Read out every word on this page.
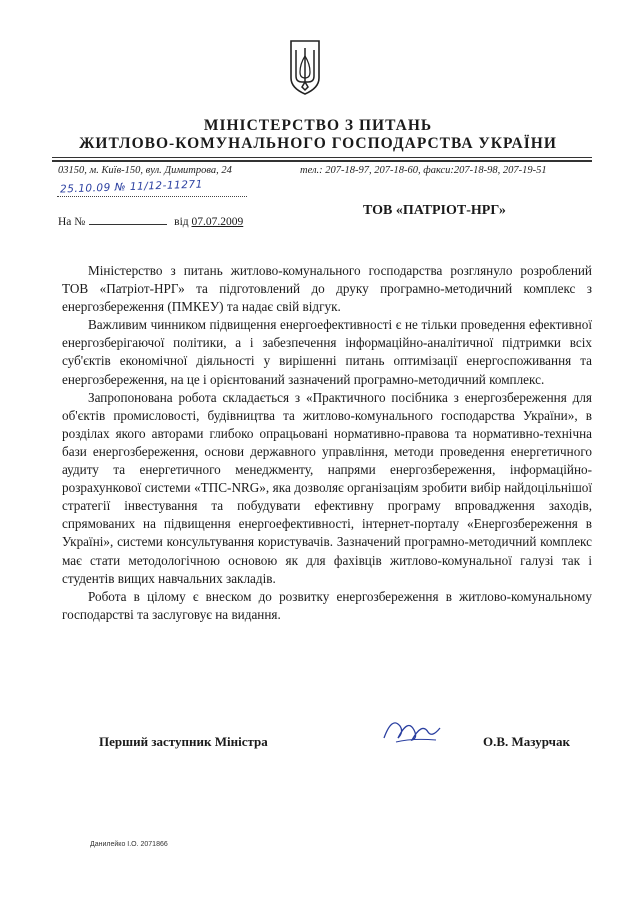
МІНІСТЕРСТВО З ПИТАНЬ
ЖИТЛОВО-КОМУНАЛЬНОГО ГОСПОДАРСТВА УКРАЇНИ
03150, м. Київ-150, вул. Димитрова, 24	тел.: 207-18-97, 207-18-60, факси:207-18-98, 207-19-51
25.10.09 № 11/12-11271
На №	від 07.07.2009
ТОВ «ПАТРІОТ-НРГ»

Міністерство з питань житлово-комунального господарства розглянуло розроблений ТОВ «Патріот-НРГ» та підготовлений до друку програмно-методичний комплекс з енергозбереження (ПМКЕУ) та надає свій відгук.

Важливим чинником підвищення енергоефективності є не тільки проведення ефективної енергозберігаючої політики, а і забезпечення інформаційно-аналітичної підтримки всіх суб'єктів економічної діяльності у вирішенні питань оптимізації енергоспоживання та енергозбереження, на це і орієнтований зазначений програмно-методичний комплекс.

Запропонована робота складається з «Практичного посібника з енергозбереження для об'єктів промисловості, будівництва та житлово-комунального господарства України», в розділах якого авторами глибоко опрацьовані нормативно-правова та нормативно-технічна бази енергозбереження, основи державного управління, методи проведення енергетичного аудиту та енергетичного менеджменту, напрями енергозбереження, інформаційно-розрахункової системи «ТПС-NRG», яка дозволяє організаціям зробити вибір найдоцільнішої стратегії інвестування та побудувати ефективну програму впровадження заходів, спрямованих на підвищення енергоефективності, інтернет-порталу «Енергозбереження в Україні», системи консультування користувачів. Зазначений програмно-методичний комплекс має стати методологічною основою як для фахівців житлово-комунальної галузі так і студентів вищих навчальних закладів.

Робота в цілому є внеском до розвитку енергозбереження в житлово-комунальному господарстві та заслуговує на видання.

Перший заступник Міністра	О.В. Мазурчак
Данилейко І.О. 2071866
